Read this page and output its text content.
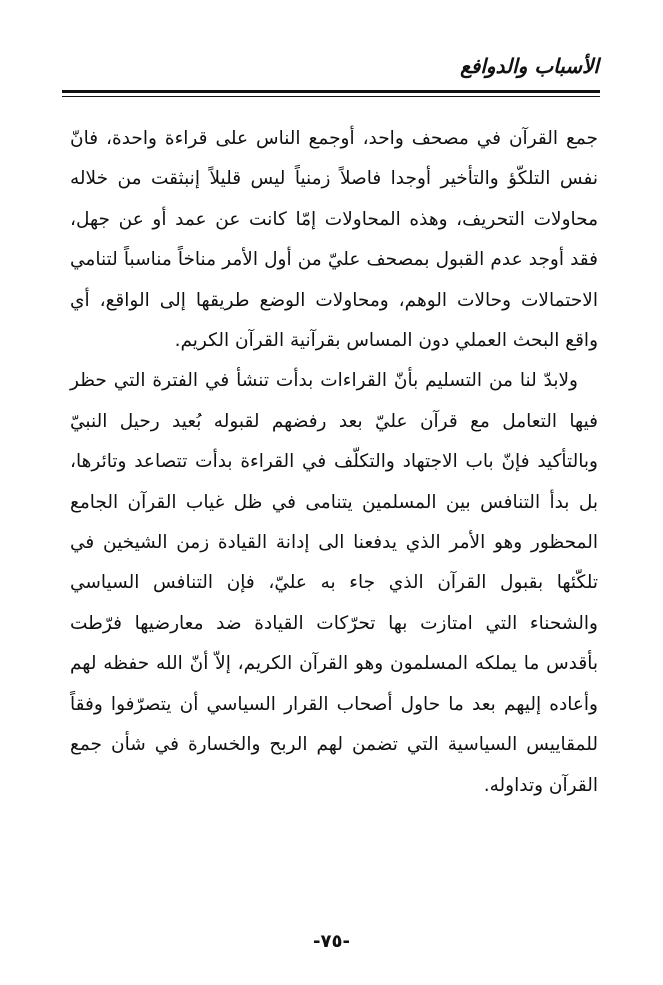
الأسباب والدوافع

جمع القرآن في مصحف واحد، أوجمع الناس على قراءة واحدة، فانّ نفس التلكّؤ والتأخير أوجدا فاصلاً زمنياً ليس قليلاً إنبثقت من خلاله محاولات التحريف، وهذه المحاولات إمّا كانت عن عمد أو عن جهل، فقد أوجد عدم القبول بمصحف عليّ من أول الأمر مناخاً مناسباً لتنامي الاحتمالات وحالات الوهم، ومحاولات الوضع طريقها إلى الواقع، أي واقع البحث العملي دون المساس بقرآنية القرآن الكريم.

ولابدّ لنا من التسليم بأنّ القراءات بدأت تنشأ في الفترة التي حظر فيها التعامل مع قرآن عليّ بعد رفضهم لقبوله بُعيد رحيل النبيّ وبالتأكيد فإنّ باب الاجتهاد والتكلّف في القراءة بدأت تتصاعد وتائرها، بل بدأ التنافس بين المسلمين يتنامى في ظل غياب القرآن الجامع المحظور وهو الأمر الذي يدفعنا الى إدانة القيادة زمن الشيخين في تلكّئها بقبول القرآن الذي جاء به عليّ، فإن التنافس السياسي والشحناء التي امتازت بها تحرّكات القيادة ضد معارضيها فرّطت بأقدس ما يملكه المسلمون وهو القرآن الكريم، إلاّ أنّ الله حفظه لهم وأعاده إليهم بعد ما حاول أصحاب القرار السياسي أن يتصرّفوا وفقاً للمقاييس السياسية التي تضمن لهم الربح والخسارة في شأن جمع القرآن وتداوله.

-٧٥-
